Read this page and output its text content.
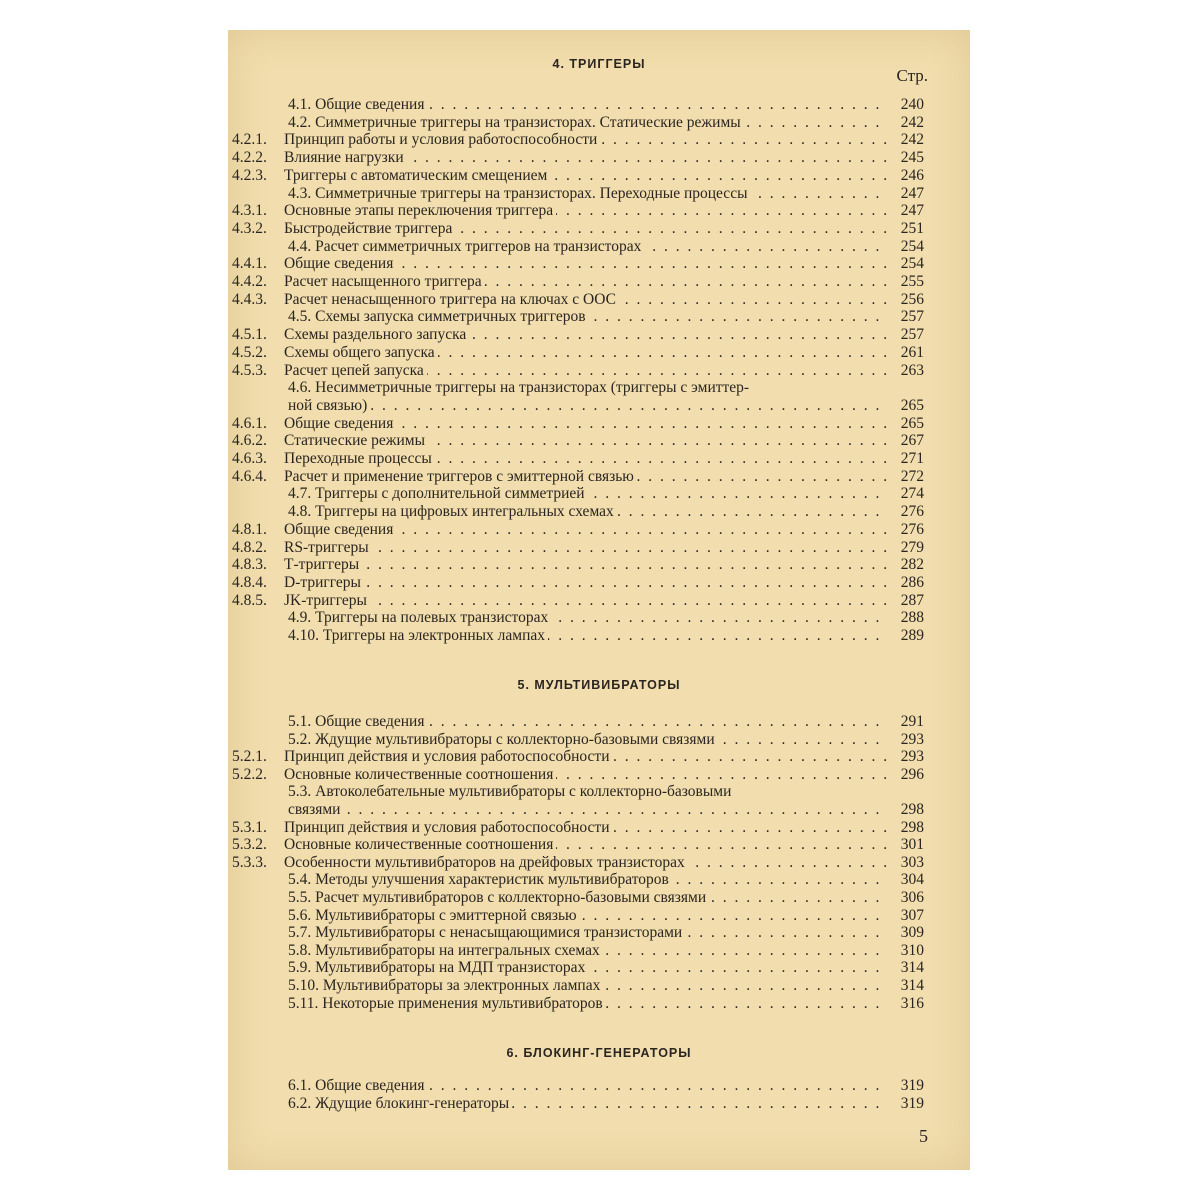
4. ТРИГГЕРЫ
Стр.
5. МУЛЬТИВИБРАТОРЫ
6. БЛОКИНГ-ГЕНЕРАТОРЫ
4.1. Общие сведения . . .	240
4.2. Симметричные триггеры на транзисторах. Статические режимы . . .	242
4.2.1. Принцип работы и условия работоспособности . . .	242
4.2.2. Влияние нагрузки . . .	245
4.2.3. Триггеры с автоматическим смещением . . .	246
4.3. Симметричные триггеры на транзисторах. Переходные процессы . . .	247
4.3.1. Основные этапы переключения триггера . . .	247
4.3.2. Быстродействие триггера . . .	251
4.4. Расчет симметричных триггеров на транзисторах . . .	254
4.4.1. Общие сведения . . .	254
4.4.2. Расчет насыщенного триггера . . .	255
4.4.3. Расчет ненасыщенного триггера на ключах с ООС . . .	256
4.5. Схемы запуска симметричных триггеров . . .	257
4.5.1. Схемы раздельного запуска . . .	257
4.5.2. Схемы общего запуска . . .	261
4.5.3. Расчет цепей запуска . . .	263
4.6. Несимметричные триггеры на транзисторах (триггеры с эмиттер-
ной связью) . . .	265
4.6.1. Общие сведения . . .	265
4.6.2. Статические режимы . . .	267
4.6.3. Переходные процессы . . .	271
4.6.4. Расчет и применение триггеров с эмиттерной связью . . .	272
4.7. Триггеры с дополнительной симметрией . . .	274
4.8. Триггеры на цифровых интегральных схемах . . .	276
4.8.1. Общие сведения . . .	276
4.8.2. RS-триггеры . . .	279
4.8.3. Т-триггеры . . .	282
4.8.4. D-триггеры . . .	286
4.8.5. JK-триггеры . . .	287
4.9. Триггеры на полевых транзисторах . . .	288
4.10. Триггеры на электронных лампах . . .	289
5.1. Общие сведения . . .	291
5.2. Ждущие мультивибраторы с коллекторно-базовыми связями . . .	293
5.2.1. Принцип действия и условия работоспособности . . .	293
5.2.2. Основные количественные соотношения . . .	296
5.3. Автоколебательные мультивибраторы с коллекторно-базовыми
связями . . .	298
5.3.1. Принцип действия и условия работоспособности . . .	298
5.3.2. Основные количественные соотношения . . .	301
5.3.3. Особенности мультивибраторов на дрейфовых транзисторах . . .	303
5.4. Методы улучшения характеристик мультивибраторов . . .	304
5.5. Расчет мультивибраторов с коллекторно-базовыми связями . . .	306
5.6. Мультивибраторы с эмиттерной связью . . .	307
5.7. Мультивибраторы с ненасыщающимися транзисторами . . .	309
5.8. Мультивибраторы на интегральных схемах . . .	310
5.9. Мультивибраторы на МДП транзисторах . . .	314
5.10. Мультивибраторы за электронных лампах . . .	314
5.11. Некоторые применения мультивибраторов . . .	316
6.1. Общие сведения . . .	319
6.2. Ждущие блокинг-генераторы . . .	319
5
